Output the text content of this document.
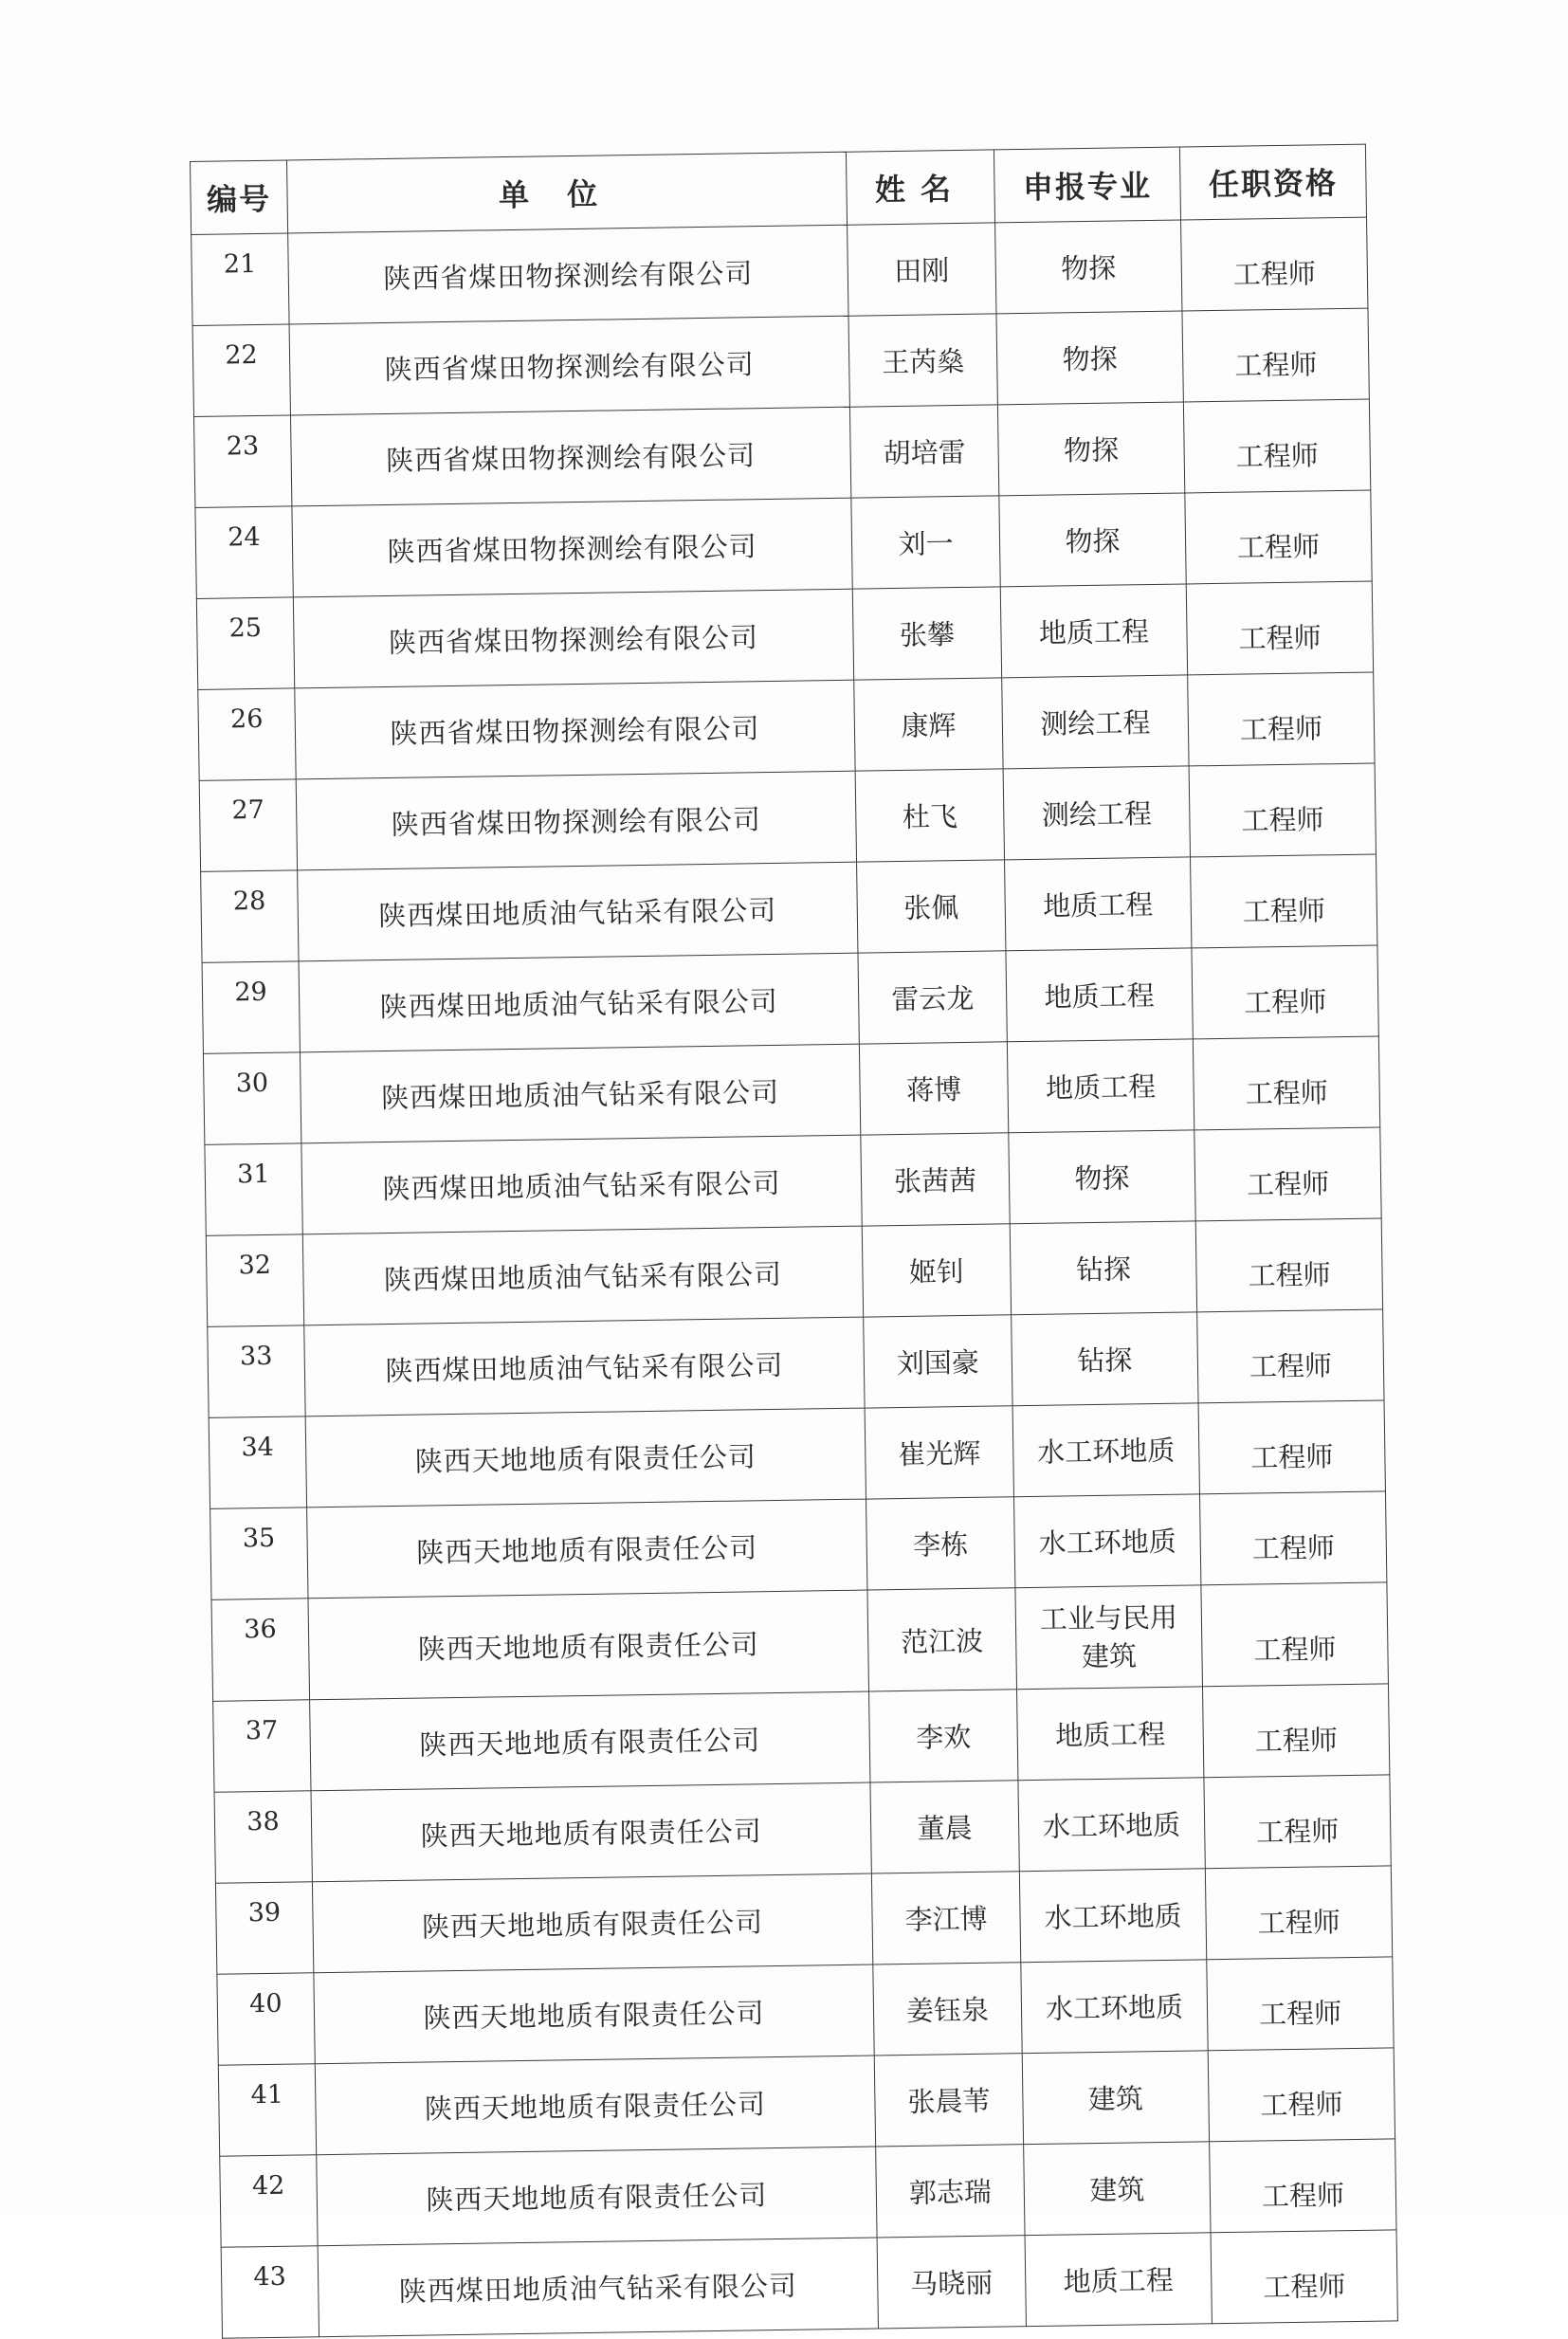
编号	单位	姓名	申报专业	任职资格
21	陕西省煤田物探测绘有限公司	田刚	物探	工程师
22	陕西省煤田物探测绘有限公司	王芮燊	物探	工程师
23	陕西省煤田物探测绘有限公司	胡培雷	物探	工程师
24	陕西省煤田物探测绘有限公司	刘一	物探	工程师
25	陕西省煤田物探测绘有限公司	张攀	地质工程	工程师
26	陕西省煤田物探测绘有限公司	康辉	测绘工程	工程师
27	陕西省煤田物探测绘有限公司	杜飞	测绘工程	工程师
28	陕西煤田地质油气钻采有限公司	张佩	地质工程	工程师
29	陕西煤田地质油气钻采有限公司	雷云龙	地质工程	工程师
30	陕西煤田地质油气钻采有限公司	蒋博	地质工程	工程师
31	陕西煤田地质油气钻采有限公司	张茜茜	物探	工程师
32	陕西煤田地质油气钻采有限公司	姬钊	钻探	工程师
33	陕西煤田地质油气钻采有限公司	刘国豪	钻探	工程师
34	陕西天地地质有限责任公司	崔光辉	水工环地质	工程师
35	陕西天地地质有限责任公司	李栋	水工环地质	工程师
36	陕西天地地质有限责任公司	范江波	工业与民用建筑	工程师
37	陕西天地地质有限责任公司	李欢	地质工程	工程师
38	陕西天地地质有限责任公司	董晨	水工环地质	工程师
39	陕西天地地质有限责任公司	李江博	水工环地质	工程师
40	陕西天地地质有限责任公司	姜钰泉	水工环地质	工程师
41	陕西天地地质有限责任公司	张晨苇	建筑	工程师
42	陕西天地地质有限责任公司	郭志瑞	建筑	工程师
43	陕西煤田地质油气钻采有限公司	马晓丽	地质工程	工程师
